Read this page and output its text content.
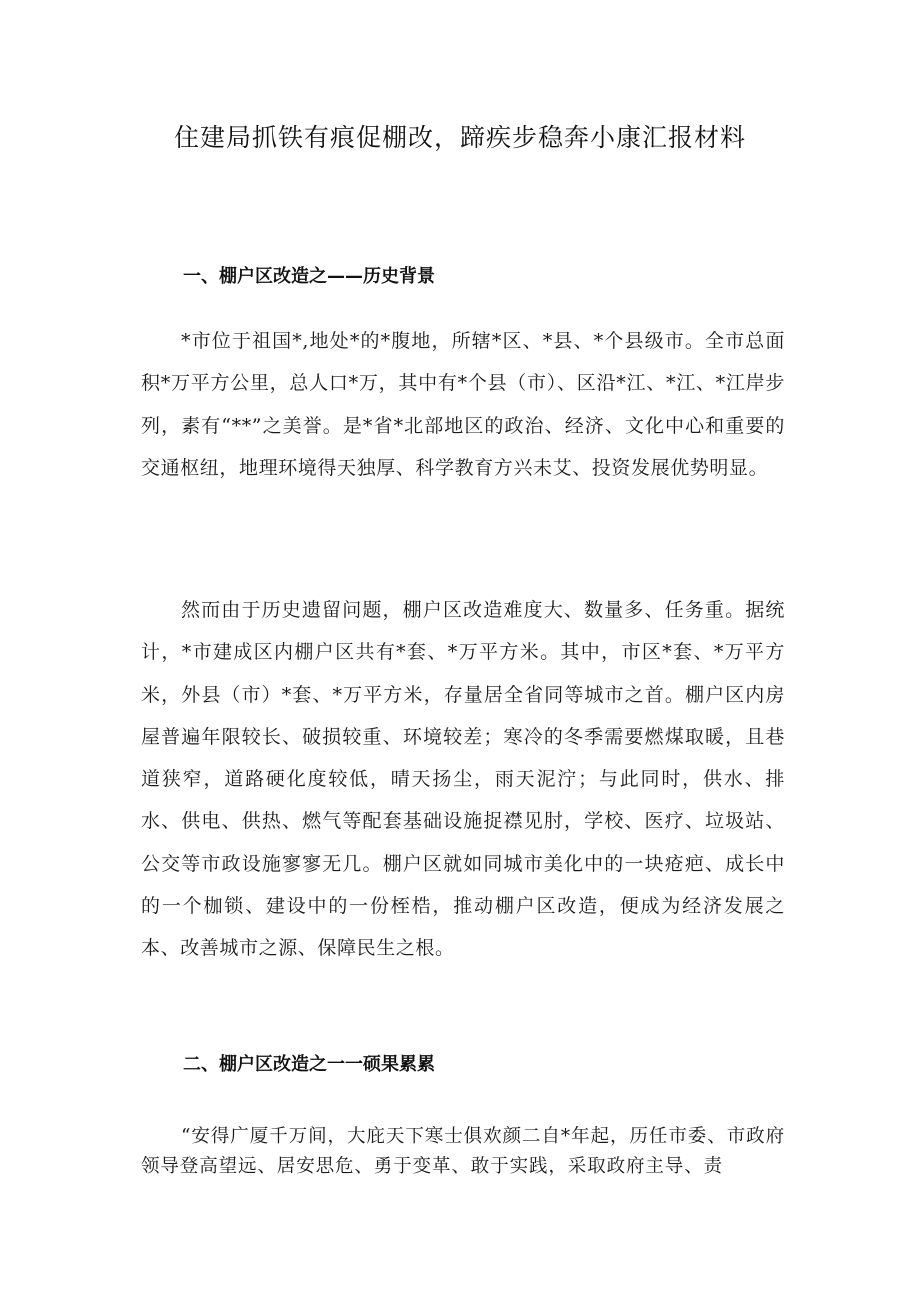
住建局抓铁有痕促棚改，蹄疾步稳奔小康汇报材料
一、棚户区改造之——历史背景

*市位于祖国*,地处*的*腹地，所辖*区、*县、*个县级市。全市总面积*万平方公里，总人口*万，其中有*个县（市）、区沿*江、*江、*江岸步列，素有“**”之美誉。是*省*北部地区的政治、经济、文化中心和重要的交通枢纽，地理环境得天独厚、科学教育方兴未艾、投资发展优势明显。

然而由于历史遗留问题，棚户区改造难度大、数量多、任务重。据统计，*市建成区内棚户区共有*套、*万平方米。其中，市区*套、*万平方米，外县（市）*套、*万平方米，存量居全省同等城市之首。棚户区内房屋普遍年限较长、破损较重、环境较差；寒冷的冬季需要燃煤取暖，且巷道狭窄，道路硬化度较低，晴天扬尘，雨天泥泞；与此同时，供水、排水、供电、供热、燃气等配套基础设施捉襟见肘，学校、医疗、垃圾站、公交等市政设施寥寥无几。棚户区就如同城市美化中的一块疮疤、成长中的一个枷锁、建设中的一份桎梏，推动棚户区改造，便成为经济发展之本、改善城市之源、保障民生之根。

二、棚户区改造之一一硕果累累

“安得广厦千万间，大庇天下寒士俱欢颜二自*年起，历任市委、市政府领导登高望远、居安思危、勇于变革、敢于实践，采取政府主导、责
